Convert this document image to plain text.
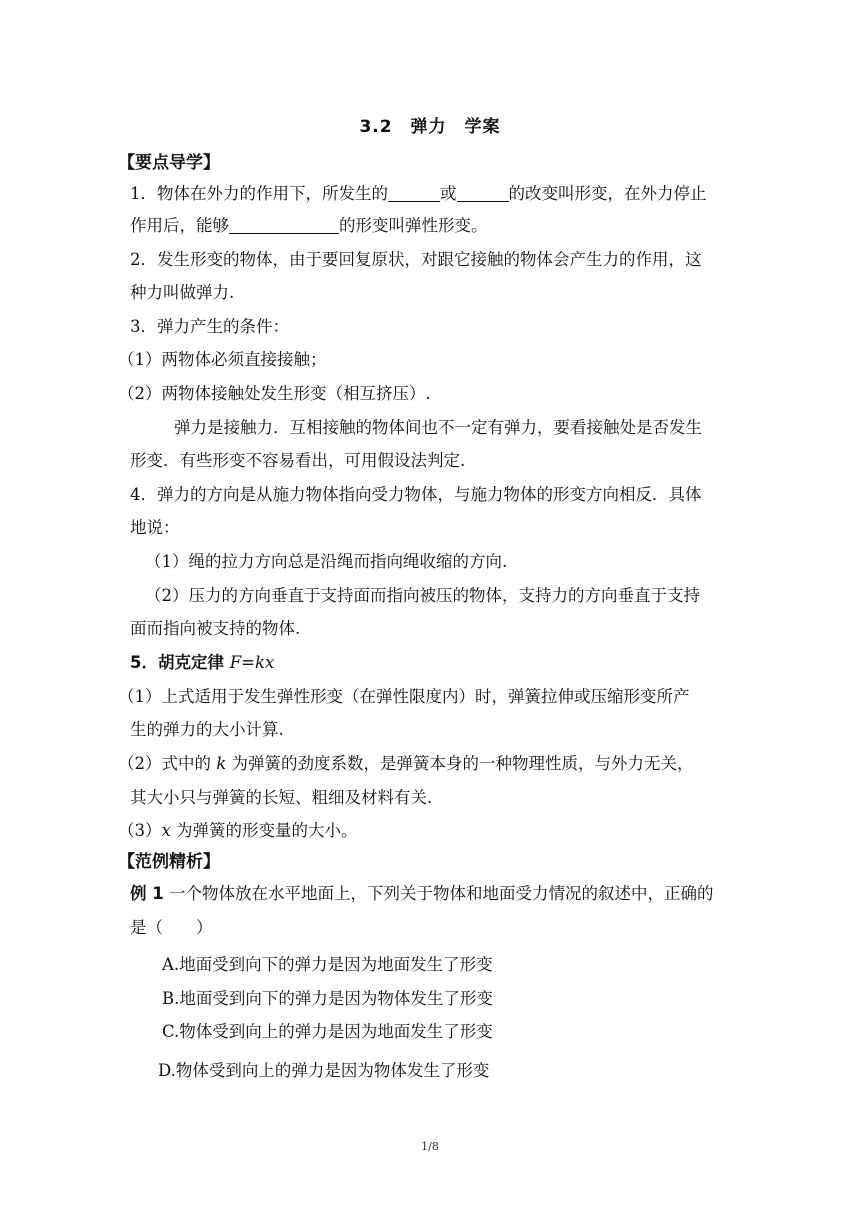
3.2　弹力　学案
【要点导学】
1．物体在外力的作用下，所发生的	或	的改变叫形变，在外力停止
作用后，能够	的形变叫弹性形变。
2．发生形变的物体，由于要回复原状，对跟它接触的物体会产生力的作用，这
种力叫做弹力.
3．弹力产生的条件：
（1）两物体必须直接接触；
（2）两物体接触处发生形变（相互挤压）.
弹力是接触力．互相接触的物体间也不一定有弹力，要看接触处是否发生
形变．有些形变不容易看出，可用假设法判定.
4．弹力的方向是从施力物体指向受力物体，与施力物体的形变方向相反．具体
地说：
（1）绳的拉力方向总是沿绳而指向绳收缩的方向.
（2）压力的方向垂直于支持面而指向被压的物体，支持力的方向垂直于支持
面而指向被支持的物体.
5．胡克定律 F=kx
（1）上式适用于发生弹性形变（在弹性限度内）时，弹簧拉伸或压缩形变所产
生的弹力的大小计算.
（2）式中的 k 为弹簧的劲度系数，是弹簧本身的一种物理性质，与外力无关，
其大小只与弹簧的长短、粗细及材料有关.
（3）x 为弹簧的形变量的大小。
【范例精析】
例 1 一个物体放在水平地面上，下列关于物体和地面受力情况的叙述中，正确的
是（　　）
A.地面受到向下的弹力是因为地面发生了形变
B.地面受到向下的弹力是因为物体发生了形变
C.物体受到向上的弹力是因为地面发生了形变
D.物体受到向上的弹力是因为物体发生了形变
1/8
